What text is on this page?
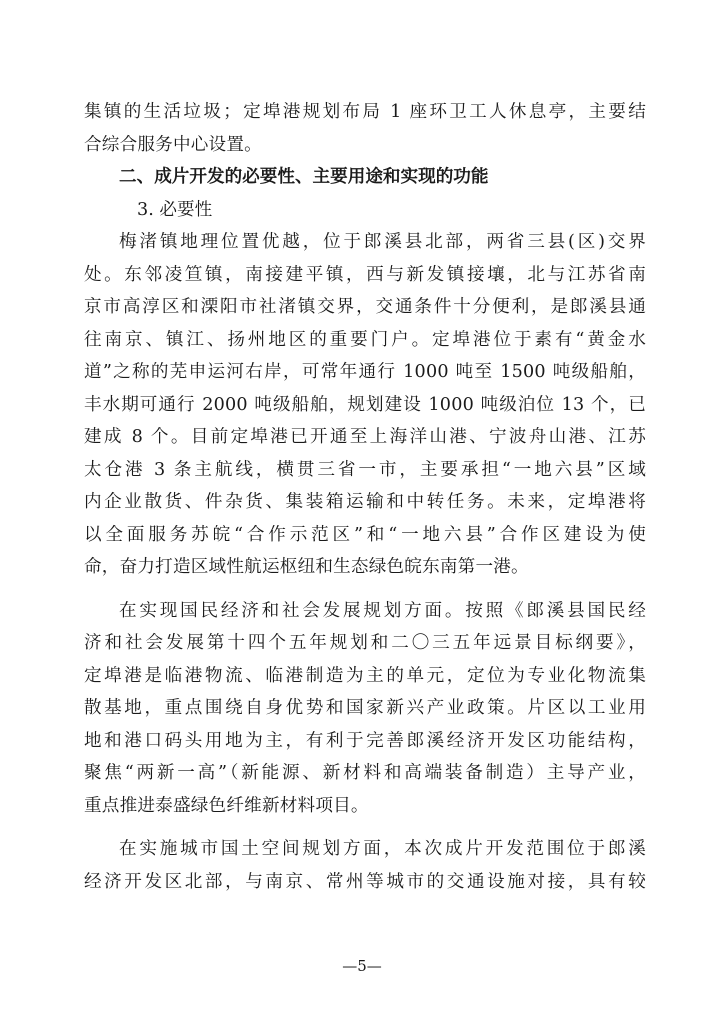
集镇的生活垃圾；定埠港规划布局 1 座环卫工人休息亭，主要结
合综合服务中心设置。
二、成片开发的必要性、主要用途和实现的功能
3. 必要性
梅渚镇地理位置优越，位于郎溪县北部，两省三县(区)交界
处。东邻凌笪镇，南接建平镇，西与新发镇接壤，北与江苏省南
京市高淳区和溧阳市社渚镇交界，交通条件十分便利，是郎溪县通
往南京、镇江、扬州地区的重要门户。定埠港位于素有“黄金水
道”之称的芜申运河右岸，可常年通行 1000 吨至 1500 吨级船舶，
丰水期可通行 2000 吨级船舶，规划建设 1000 吨级泊位 13 个，已
建成 8 个。目前定埠港已开通至上海洋山港、宁波舟山港、江苏
太仓港 3 条主航线，横贯三省一市，主要承担“一地六县”区域
内企业散货、件杂货、集装箱运输和中转任务。未来，定埠港将
以全面服务苏皖“合作示范区”和“一地六县”合作区建设为使
命，奋力打造区域性航运枢纽和生态绿色皖东南第一港。
在实现国民经济和社会发展规划方面。按照《郎溪县国民经
济和社会发展第十四个五年规划和二〇三五年远景目标纲要》，
定埠港是临港物流、临港制造为主的单元，定位为专业化物流集
散基地，重点围绕自身优势和国家新兴产业政策。片区以工业用
地和港口码头用地为主，有利于完善郎溪经济开发区功能结构，
聚焦“两新一高”（新能源、新材料和高端装备制造）主导产业，
重点推进泰盛绿色纤维新材料项目。
在实施城市国土空间规划方面，本次成片开发范围位于郎溪
经济开发区北部，与南京、常州等城市的交通设施对接，具有较
—5—
